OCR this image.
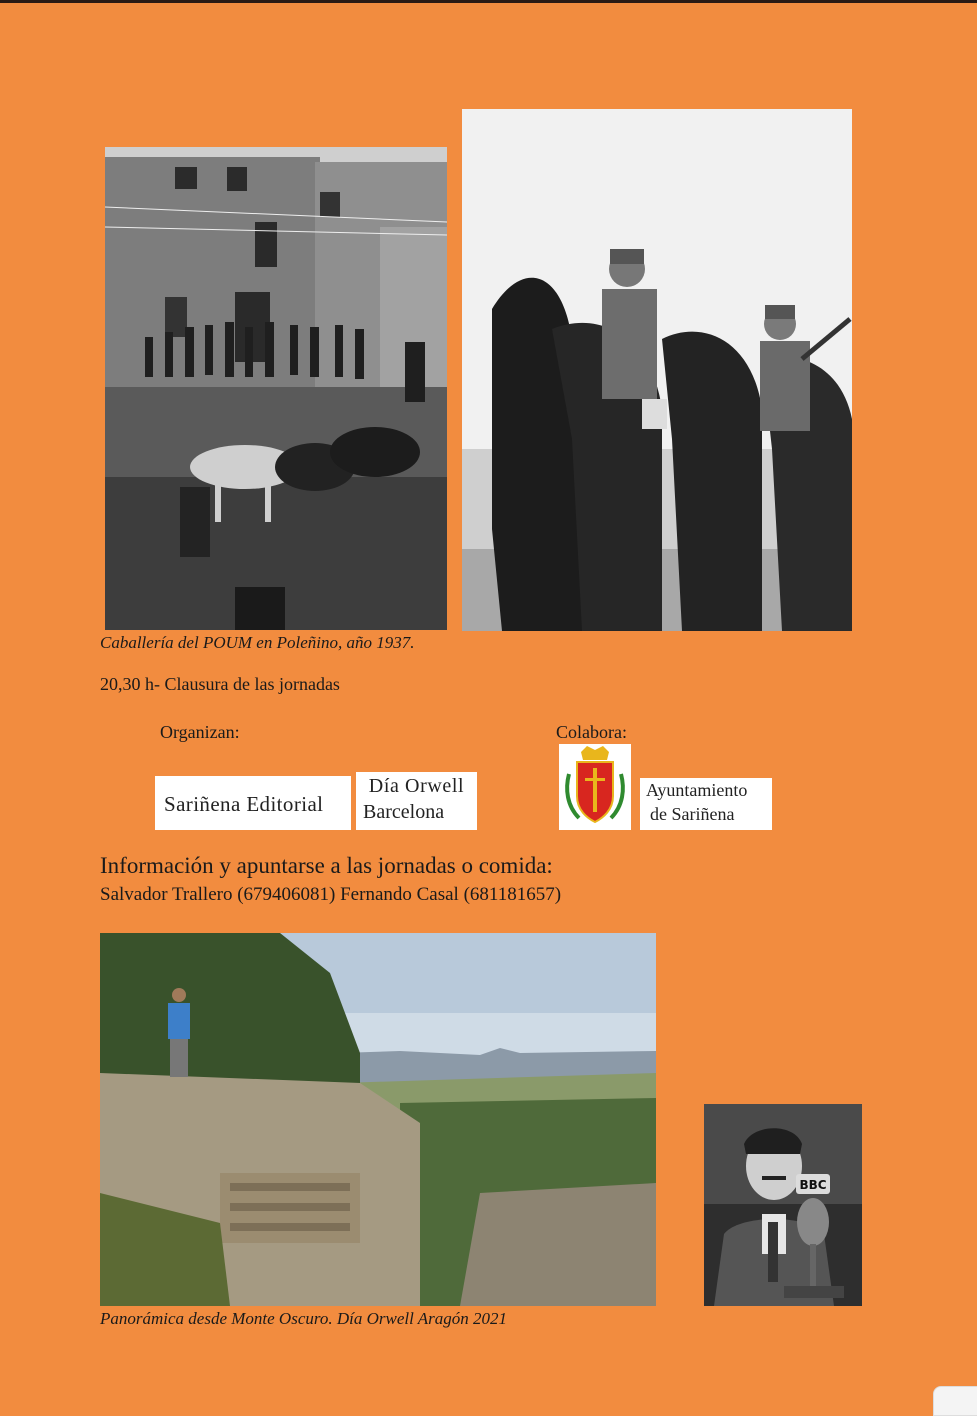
Caballería del POUM en Poleñino, año 1937.
20,30 h- Clausura de las jornadas
Organizan:	Colabora:
Sariñena Editorial
Día Orwell
Barcelona
Ayuntamiento
de Sariñena
Información y apuntarse a las jornadas o comida:
Salvador Trallero (679406081) Fernando Casal (681181657)
Panorámica desde Monte Oscuro. Día Orwell Aragón 2021
BBC
